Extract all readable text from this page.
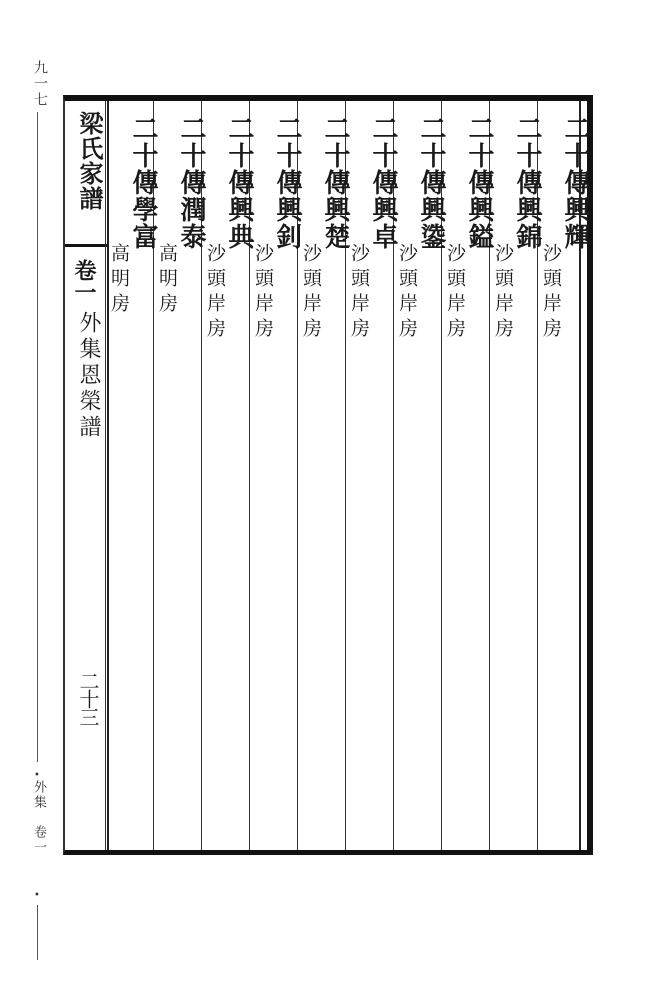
九一七
•
外集　卷一
•
梁氏家譜
卷一
外集恩榮譜
二十三
二十傳興輝
沙頭岸房
二十傳興錦
沙頭岸房
二十傳興鎰
沙頭岸房
二十傳興鍌
沙頭岸房
二十傳興卓
沙頭岸房
二十傳興楚
沙頭岸房
二十傳興釗
沙頭岸房
二十傳興典
沙頭岸房
二十傳潤泰
高明房
二十傳學富
高明房
